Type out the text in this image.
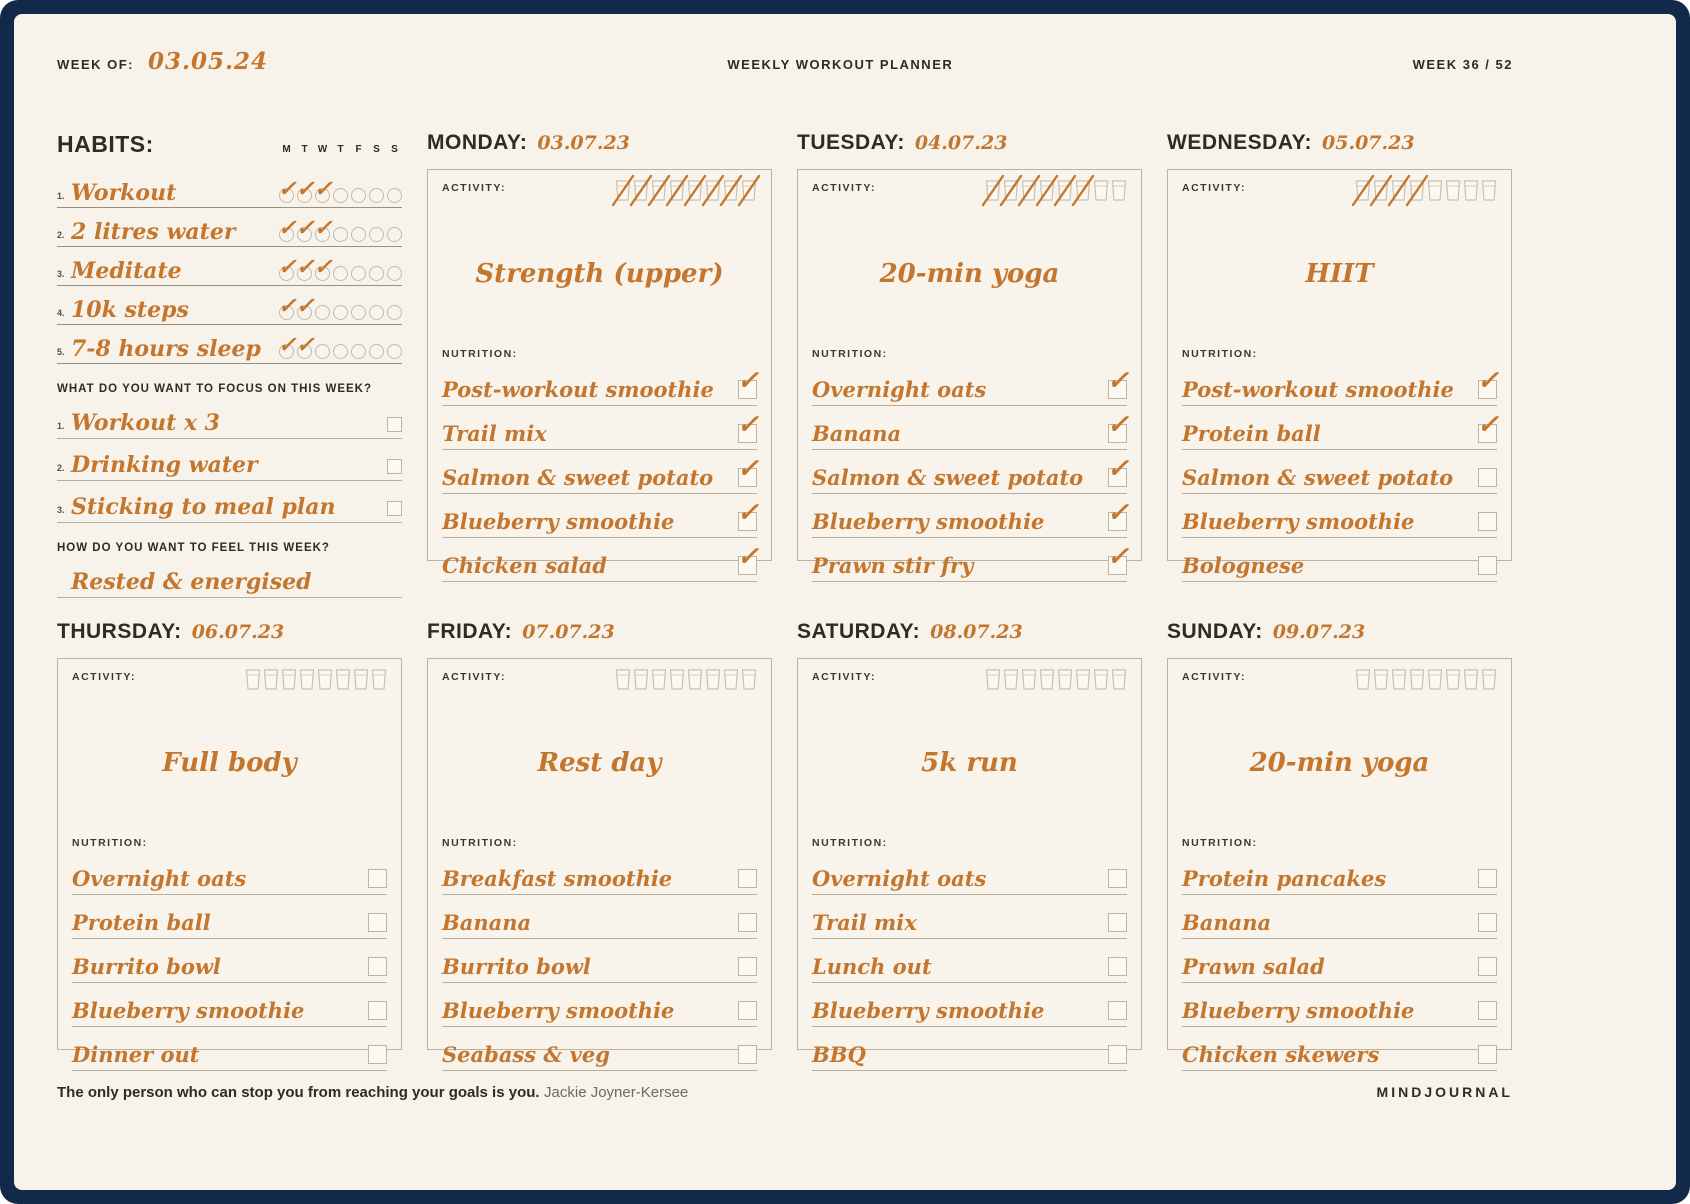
WEEK OF: 03.05.24	WEEKLY WORKOUT PLANNER	WEEK 36 / 52
HABITS:	M	T	W	T	F	S	S
1. Workout	✓ ✓ ✓
2. 2 litres water ✓ ✓ ✓
3. Meditate	✓ ✓ ✓
4. 10k steps	✓ ✓
5. 7-8 hours sleep ✓ ✓
WHAT DO YOU WANT TO FOCUS ON THIS WEEK?
1. Workout x 3
2. Drinking water
3. Sticking to meal plan
HOW DO YOU WANT TO FEEL THIS WEEK?
Rested & energised
MONDAY: 03.07.23
ACTIVITY:
Strength (upper)
NUTRITION:
Post-workout smoothie ✓
Trail mix	✓
Salmon & sweet potato ✓
Blueberry smoothie ✓
Chicken salad	✓
TUESDAY: 04.07.23
ACTIVITY:
20-min yoga
NUTRITION:
Overnight oats	✓
Banana	✓
Salmon & sweet potato ✓
Blueberry smoothie ✓
Prawn stir fry	✓
WEDNESDAY: 05.07.23
ACTIVITY:
HIIT
NUTRITION:
Post-workout smoothie ✓
Protein ball	✓
Salmon & sweet potato
Blueberry smoothie
Bolognese
THURSDAY: 06.07.23
ACTIVITY:
Full body
NUTRITION:
Overnight oats
Protein ball
Burrito bowl
Blueberry smoothie
Dinner out
FRIDAY: 07.07.23
ACTIVITY:
Rest day
NUTRITION:
Breakfast smoothie
Banana
Burrito bowl
Blueberry smoothie
Seabass & veg
SATURDAY: 08.07.23
ACTIVITY:
5k run
NUTRITION:
Overnight oats
Trail mix
Lunch out
Blueberry smoothie
BBQ
SUNDAY: 09.07.23
ACTIVITY:
20-min yoga
NUTRITION:
Protein pancakes
Banana
Prawn salad
Blueberry smoothie
Chicken skewers
The only person who can stop you from reaching your goals is you. Jackie Joyner-Kersee	MINDJOURNAL
